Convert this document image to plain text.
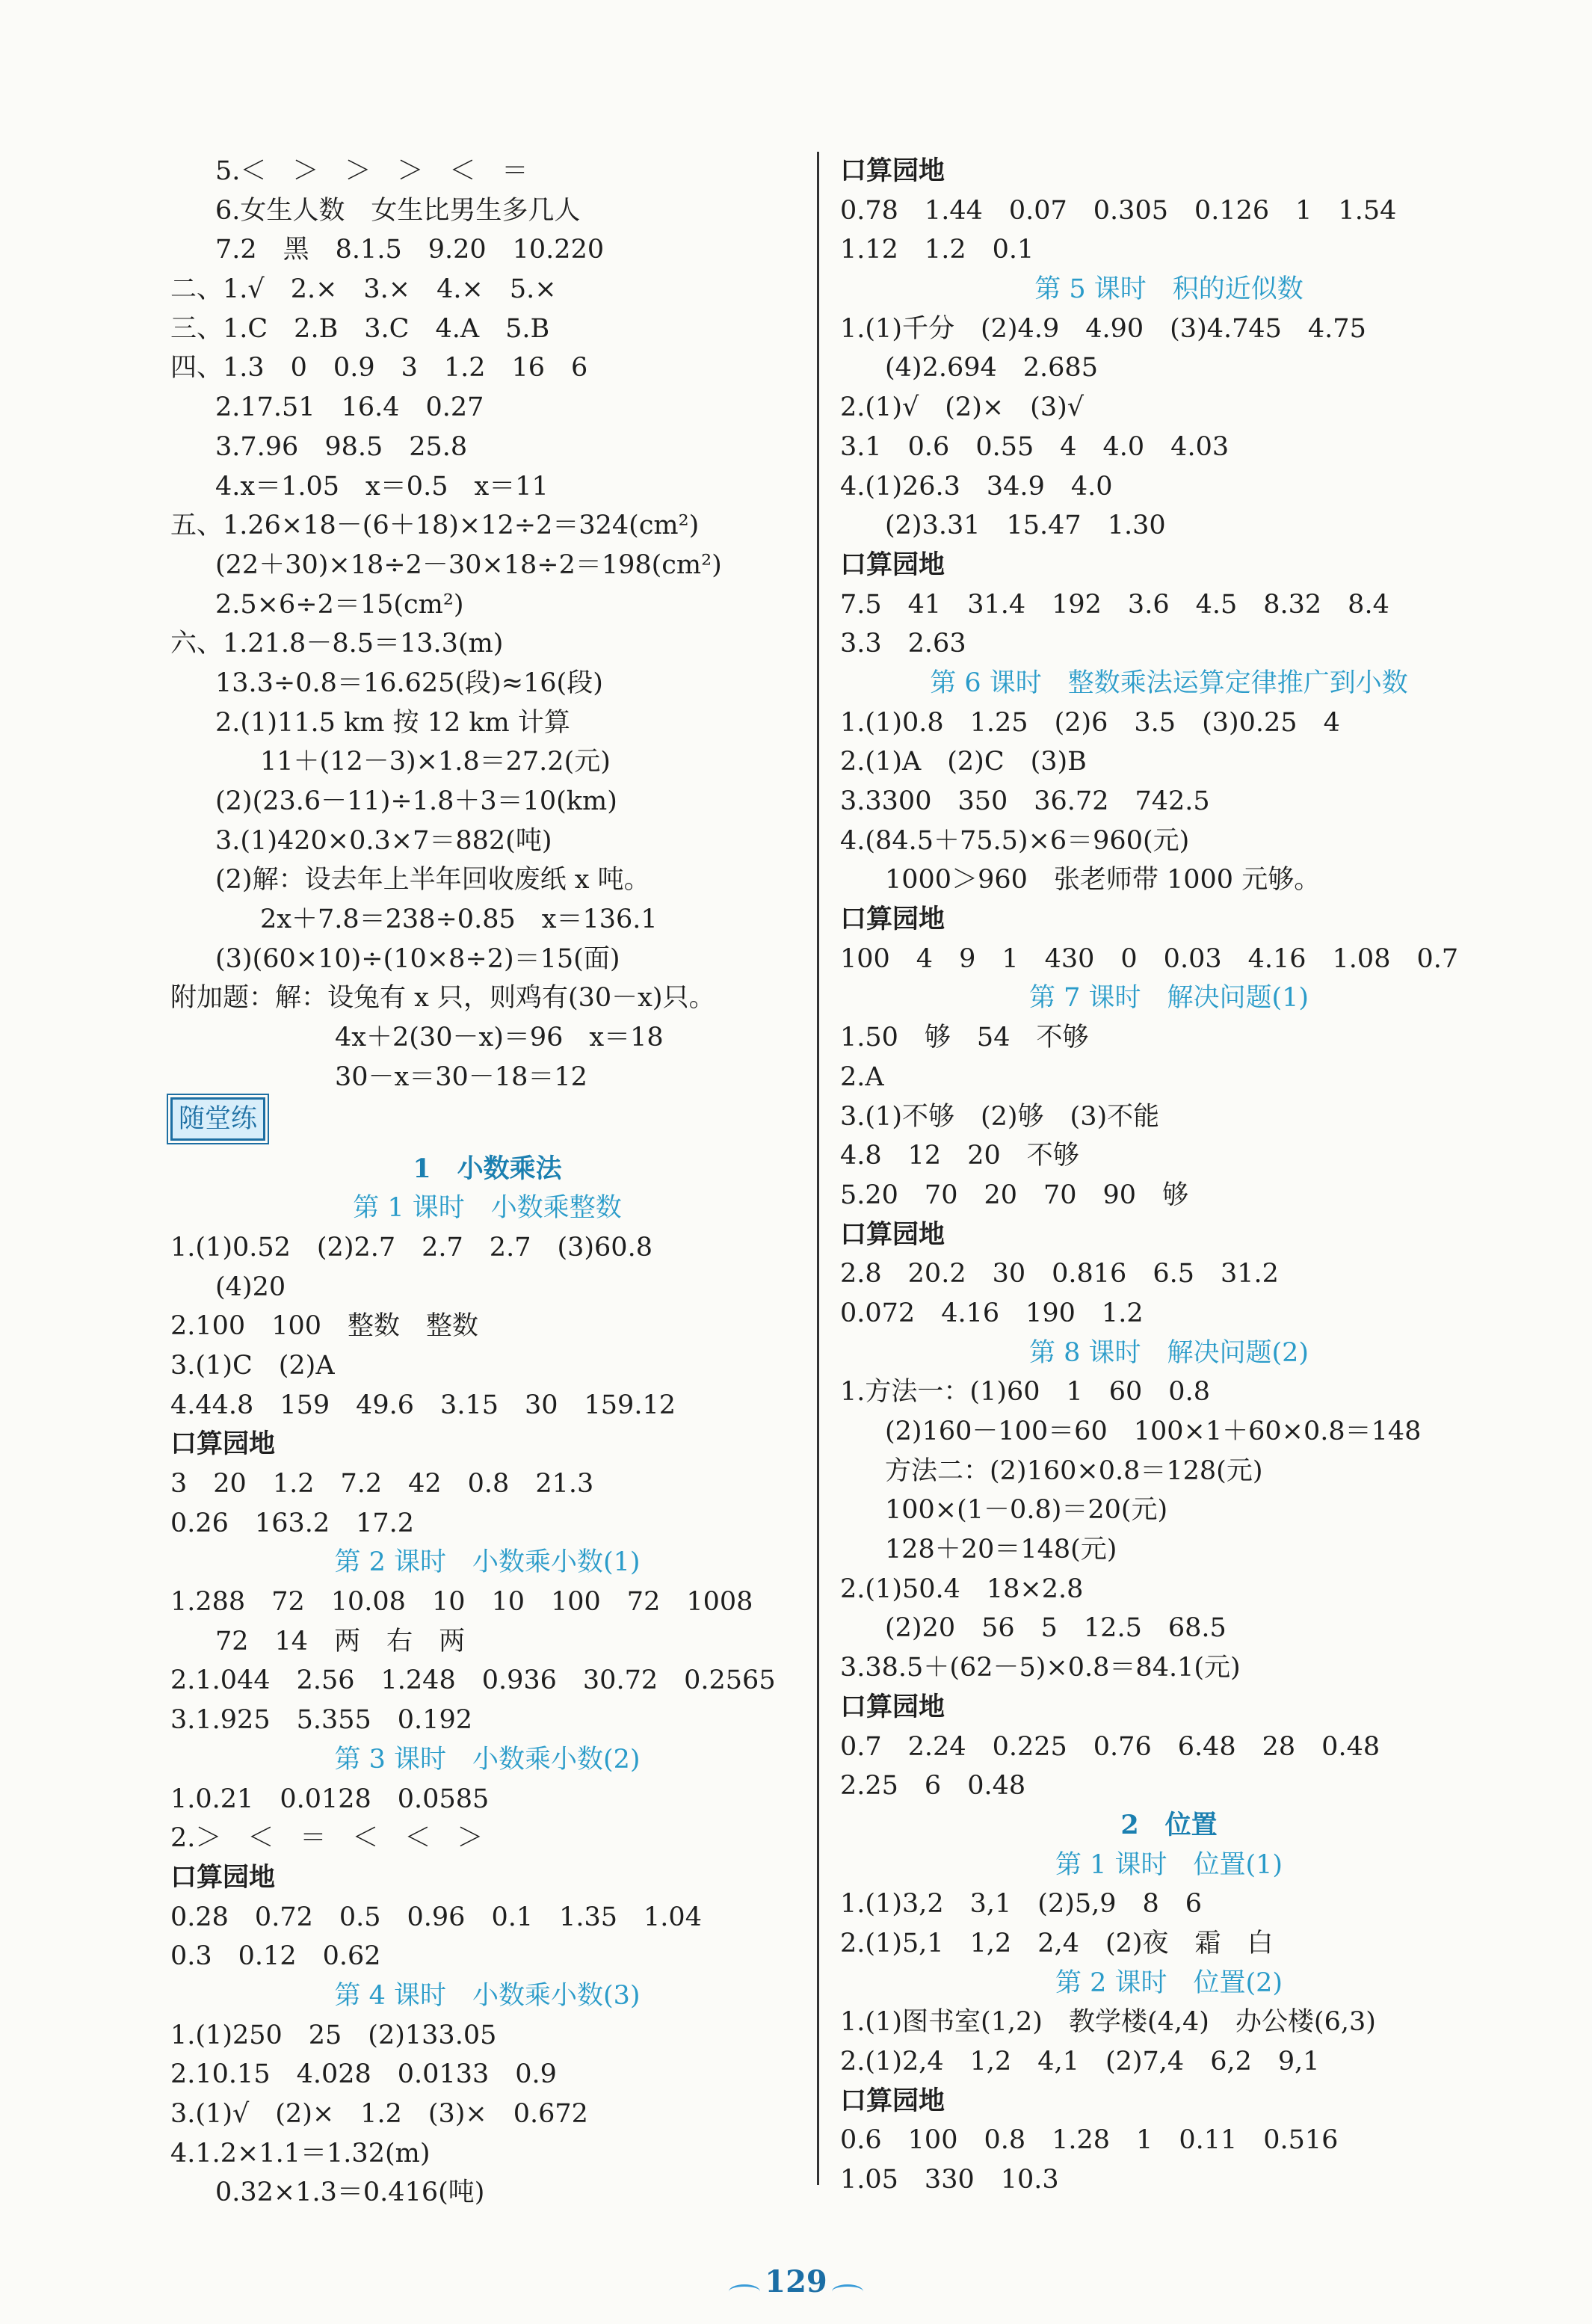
5.＜　＞　＞　＞　＜　＝
6.女生人数　女生比男生多几人
7.2　黑　8.1.5　9.20　10.220
二、1.√　2.×　3.×　4.×　5.×
三、1.C　2.B　3.C　4.A　5.B
四、1.3　0　0.9　3　1.2　16　6
2.17.51　16.4　0.27
3.7.96　98.5　25.8
4.x＝1.05　x＝0.5　x＝11
五、1.26×18－(6＋18)×12÷2＝324(cm²)
(22＋30)×18÷2－30×18÷2＝198(cm²)
2.5×6÷2＝15(cm²)
六、1.21.8－8.5＝13.3(m)
13.3÷0.8＝16.625(段)≈16(段)
2.(1)11.5 km 按 12 km 计算
11＋(12－3)×1.8＝27.2(元)
(2)(23.6－11)÷1.8＋3＝10(km)
3.(1)420×0.3×7＝882(吨)
(2)解：设去年上半年回收废纸 x 吨。
2x＋7.8＝238÷0.85　x＝136.1
(3)(60×10)÷(10×8÷2)＝15(面)
附加题：解：设兔有 x 只，则鸡有(30－x)只。
4x＋2(30－x)＝96　x＝18
30－x＝30－18＝12
随堂练
1　小数乘法
第 1 课时　小数乘整数
1.(1)0.52　(2)2.7　2.7　2.7　(3)60.8
(4)20
2.100　100　整数　整数
3.(1)C　(2)A
4.44.8　159　49.6　3.15　30　159.12
口算园地
3　20　1.2　7.2　42　0.8　21.3
0.26　163.2　17.2
第 2 课时　小数乘小数(1)
1.288　72　10.08　10　10　100　72　1008
72　14　两　右　两
2.1.044　2.56　1.248　0.936　30.72　0.2565
3.1.925　5.355　0.192
第 3 课时　小数乘小数(2)
1.0.21　0.0128　0.0585
2.＞　＜　＝　＜　＜　＞
口算园地
0.28　0.72　0.5　0.96　0.1　1.35　1.04
0.3　0.12　0.62
第 4 课时　小数乘小数(3)
1.(1)250　25　(2)133.05
2.10.15　4.028　0.0133　0.9
3.(1)√　(2)×　1.2　(3)×　0.672
4.1.2×1.1＝1.32(m)
0.32×1.3＝0.416(吨)
口算园地
0.78　1.44　0.07　0.305　0.126　1　1.54
1.12　1.2　0.1
第 5 课时　积的近似数
1.(1)千分　(2)4.9　4.90　(3)4.745　4.75
(4)2.694　2.685
2.(1)√　(2)×　(3)√
3.1　0.6　0.55　4　4.0　4.03
4.(1)26.3　34.9　4.0
(2)3.31　15.47　1.30
口算园地
7.5　41　31.4　192　3.6　4.5　8.32　8.4
3.3　2.63
第 6 课时　整数乘法运算定律推广到小数
1.(1)0.8　1.25　(2)6　3.5　(3)0.25　4
2.(1)A　(2)C　(3)B
3.3300　350　36.72　742.5
4.(84.5＋75.5)×6＝960(元)
1000＞960　张老师带 1000 元够。
口算园地
100　4　9　1　430　0　0.03　4.16　1.08　0.7
第 7 课时　解决问题(1)
1.50　够　54　不够
2.A
3.(1)不够　(2)够　(3)不能
4.8　12　20　不够
5.20　70　20　70　90　够
口算园地
2.8　20.2　30　0.816　6.5　31.2
0.072　4.16　190　1.2
第 8 课时　解决问题(2)
1.方法一：(1)60　1　60　0.8
(2)160－100＝60　100×1＋60×0.8＝148
方法二：(2)160×0.8＝128(元)
100×(1－0.8)＝20(元)
128＋20＝148(元)
2.(1)50.4　18×2.8
(2)20　56　5　12.5　68.5
3.38.5＋(62－5)×0.8＝84.1(元)
口算园地
0.7　2.24　0.225　0.76　6.48　28　0.48
2.25　6　0.48
2　位置
第 1 课时　位置(1)
1.(1)3,2　3,1　(2)5,9　8　6
2.(1)5,1　1,2　2,4　(2)夜　霜　白
第 2 课时　位置(2)
1.(1)图书室(1,2)　教学楼(4,4)　办公楼(6,3)
2.(1)2,4　1,2　4,1　(2)7,4　6,2　9,1
口算园地
0.6　100　0.8　1.28　1　0.11　0.516
1.05　330　10.3
129
